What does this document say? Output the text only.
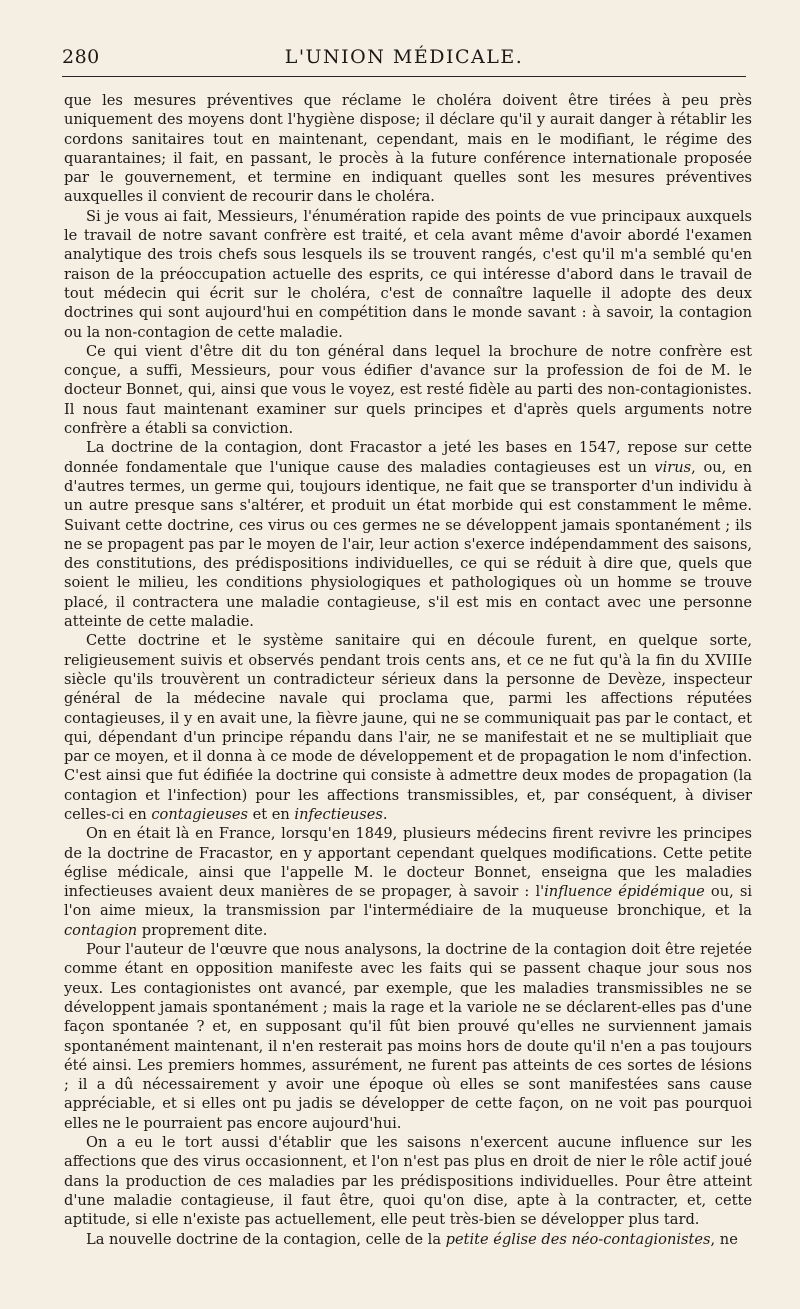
280	L'UNION MÉDICALE.

que les mesures préventives que réclame le choléra doivent être tirées à peu près uniquement des moyens dont l'hygiène dispose; il déclare qu'il y aurait danger à rétablir les cordons sanitaires tout en maintenant, cependant, mais en le modifiant, le régime des quarantaines; il fait, en passant, le procès à la future conférence internationale proposée par le gouvernement, et termine en indiquant quelles sont les mesures préventives auxquelles il convient de recourir dans le choléra.

Si je vous ai fait, Messieurs, l'énumération rapide des points de vue principaux auxquels le travail de notre savant confrère est traité, et cela avant même d'avoir abordé l'examen analytique des trois chefs sous lesquels ils se trouvent rangés, c'est qu'il m'a semblé qu'en raison de la préoccupation actuelle des esprits, ce qui intéresse d'abord dans le travail de tout médecin qui écrit sur le choléra, c'est de connaître laquelle il adopte des deux doctrines qui sont aujourd'hui en compétition dans le monde savant : à savoir, la contagion ou la non-contagion de cette maladie.

Ce qui vient d'être dit du ton général dans lequel la brochure de notre confrère est conçue, a suffi, Messieurs, pour vous édifier d'avance sur la profession de foi de M. le docteur Bonnet, qui, ainsi que vous le voyez, est resté fidèle au parti des non-contagionistes. Il nous faut maintenant examiner sur quels principes et d'après quels arguments notre confrère a établi sa conviction.

La doctrine de la contagion, dont Fracastor a jeté les bases en 1547, repose sur cette donnée fondamentale que l'unique cause des maladies contagieuses est un virus, ou, en d'autres termes, un germe qui, toujours identique, ne fait que se transporter d'un individu à un autre presque sans s'altérer, et produit un état morbide qui est constamment le même. Suivant cette doctrine, ces virus ou ces germes ne se développent jamais spontanément ; ils ne se propagent pas par le moyen de l'air, leur action s'exerce indépendamment des saisons, des constitutions, des prédispositions individuelles, ce qui se réduit à dire que, quels que soient le milieu, les conditions physiologiques et pathologiques où un homme se trouve placé, il contractera une maladie contagieuse, s'il est mis en contact avec une personne atteinte de cette maladie.

Cette doctrine et le système sanitaire qui en découle furent, en quelque sorte, religieusement suivis et observés pendant trois cents ans, et ce ne fut qu'à la fin du XVIIIe siècle qu'ils trouvèrent un contradicteur sérieux dans la personne de Devèze, inspecteur général de la médecine navale qui proclama que, parmi les affections réputées contagieuses, il y en avait une, la fièvre jaune, qui ne se communiquait pas par le contact, et qui, dépendant d'un principe répandu dans l'air, ne se manifestait et ne se multipliait que par ce moyen, et il donna à ce mode de développement et de propagation le nom d'infection. C'est ainsi que fut édifiée la doctrine qui consiste à admettre deux modes de propagation (la contagion et l'infection) pour les affections transmissibles, et, par conséquent, à diviser celles-ci en contagieuses et en infectieuses.

On en était là en France, lorsqu'en 1849, plusieurs médecins firent revivre les principes de la doctrine de Fracastor, en y apportant cependant quelques modifications. Cette petite église médicale, ainsi que l'appelle M. le docteur Bonnet, enseigna que les maladies infectieuses avaient deux manières de se propager, à savoir : l'influence épidémique ou, si l'on aime mieux, la transmission par l'intermédiaire de la muqueuse bronchique, et la contagion proprement dite.

Pour l'auteur de l'œuvre que nous analysons, la doctrine de la contagion doit être rejetée comme étant en opposition manifeste avec les faits qui se passent chaque jour sous nos yeux. Les contagionistes ont avancé, par exemple, que les maladies transmissibles ne se développent jamais spontanément ; mais la rage et la variole ne se déclarent-elles pas d'une façon spontanée ? et, en supposant qu'il fût bien prouvé qu'elles ne surviennent jamais spontanément maintenant, il n'en resterait pas moins hors de doute qu'il n'en a pas toujours été ainsi. Les premiers hommes, assurément, ne furent pas atteints de ces sortes de lésions ; il a dû nécessairement y avoir une époque où elles se sont manifestées sans cause appréciable, et si elles ont pu jadis se développer de cette façon, on ne voit pas pourquoi elles ne le pourraient pas encore aujourd'hui.

On a eu le tort aussi d'établir que les saisons n'exercent aucune influence sur les affections que des virus occasionnent, et l'on n'est pas plus en droit de nier le rôle actif joué dans la production de ces maladies par les prédispositions individuelles. Pour être atteint d'une maladie contagieuse, il faut être, quoi qu'on dise, apte à la contracter, et, cette aptitude, si elle n'existe pas actuellement, elle peut très-bien se développer plus tard.

La nouvelle doctrine de la contagion, celle de la petite église des néo-contagionistes, ne
